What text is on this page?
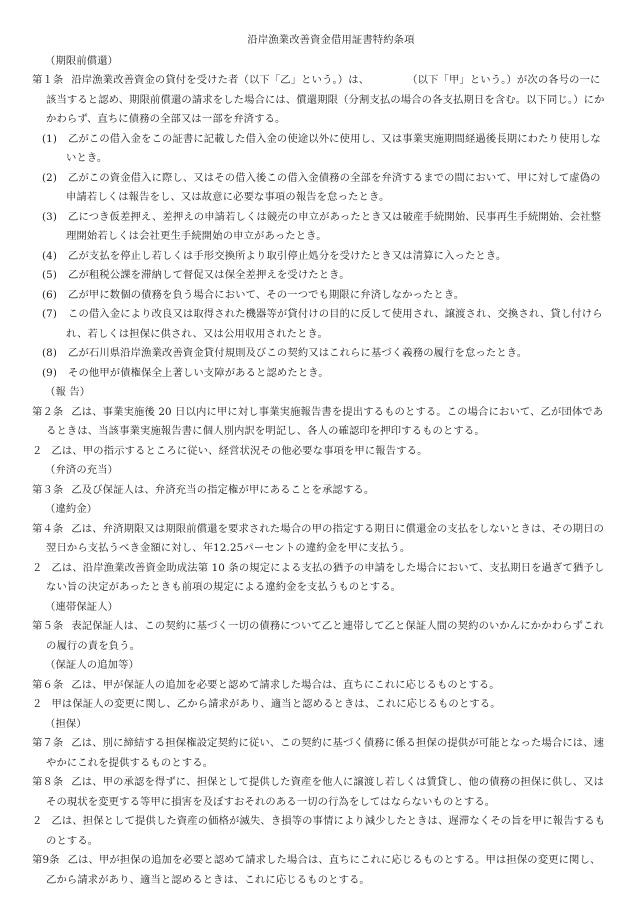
沿岸漁業改善資金借用証書特約条項

（期限前償還）

第１条 沿岸漁業改善資金の貸付を受けた者（以下「乙」という。）は、	（以下「甲」という。）が次の各号の一に該当すると認め、期限前償還の請求をした場合には、償還期限（分割支払の場合の各支払期日を含む。以下同じ。）にかかわらず、直ちに債務の全部又は一部を弁済する。

(1) 乙がこの借入金をこの証書に記載した借入金の使途以外に使用し、又は事業実施期間経過後長期にわたり使用しないとき。

(2) 乙がこの資金借入に際し、又はその借入後この借入金債務の全部を弁済するまでの間において、甲に対して虚偽の申請若しくは報告をし、又は故意に必要な事項の報告を怠ったとき。

(3) 乙につき仮差押え、差押えの申請若しくは競売の申立があったとき又は破産手続開始、民事再生手続開始、会社整理開始若しくは会社更生手続開始の申立があったとき。

(4) 乙が支払を停止し若しくは手形交換所より取引停止処分を受けたとき又は清算に入ったとき。

(5) 乙が租税公課を滞納して督促又は保全差押えを受けたとき。

(6) 乙が甲に数個の債務を負う場合において、その一つでも期限に弁済しなかったとき。

(7) この借入金により改良又は取得された機器等が貸付けの目的に反して使用され、譲渡され、交換され、貸し付けられ、若しくは担保に供され、又は公用収用されたとき。

(8) 乙が石川県沿岸漁業改善資金貸付規則及びこの契約又はこれらに基づく義務の履行を怠ったとき。

(9) その他甲が債権保全上著しい支障があると認めたとき。

（報 告）

第２条 乙は、事業実施後 20 日以内に甲に対し事業実施報告書を提出するものとする。この場合において、乙が団体であるときは、当該事業実施報告書に個人別内訳を明記し、各人の確認印を押印するものとする。

２ 乙は、甲の指示するところに従い、経営状況その他必要な事項を甲に報告する。

（弁済の充当）

第３条 乙及び保証人は、弁済充当の指定権が甲にあることを承認する。

（違約金）

第４条 乙は、弁済期限又は期限前償還を要求された場合の甲の指定する期日に償還金の支払をしないときは、その期日の翌日から支払うべき金額に対し、年12.25パーセントの違約金を甲に支払う。

２ 乙は、沿岸漁業改善資金助成法第 10 条の規定による支払の猶予の申請をした場合において、支払期日を過ぎて猶予しない旨の決定があったときも前項の規定による違約金を支払うものとする。

（連帯保証人）

第５条 表記保証人は、この契約に基づく一切の債務について乙と連帯して乙と保証人間の契約のいかんにかかわらずこれの履行の責を負う。

（保証人の追加等）

第６条 乙は、甲が保証人の追加を必要と認めて請求した場合は、直ちにこれに応じるものとする。

２ 甲は保証人の変更に関し、乙から請求があり、適当と認めるときは、これに応じるものとする。

（担保）

第７条 乙は、別に締結する担保権設定契約に従い、この契約に基づく債務に係る担保の提供が可能となった場合には、速やかにこれを提供するものとする。

第８条 乙は、甲の承認を得ずに、担保として提供した資産を他人に譲渡し若しくは賃貸し、他の債務の担保に供し、又はその現状を変更する等甲に損害を及ぼすおそれのある一切の行為をしてはならないものとする。

２ 乙は、担保として提供した資産の価格が滅失、き損等の事情により減少したときは、遅滞なくその旨を甲に報告するものとする。

第9条 乙は、甲が担保の追加を必要と認めて請求した場合は、直ちにこれに応じるものとする。甲は担保の変更に関し、乙から請求があり、適当と認めるときは、これに応じるものとする。
